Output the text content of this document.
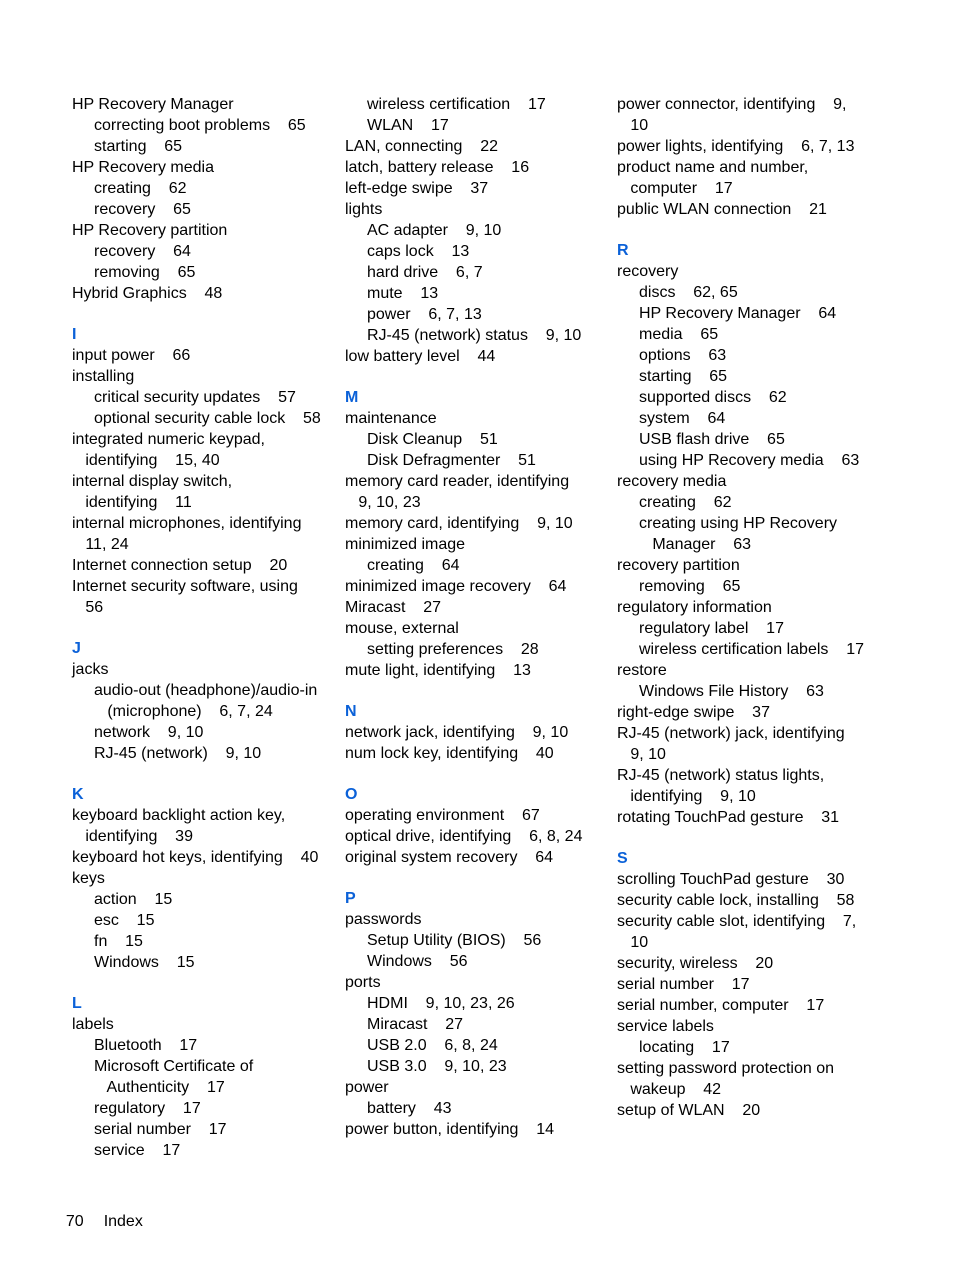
HP Recovery Manager
correcting boot problems    65
starting    65
HP Recovery media
creating    62
recovery    65
HP Recovery partition
recovery    64
removing    65
Hybrid Graphics    48
I
input power    66
installing
critical security updates    57
optional security cable lock    58
integrated numeric keypad,
identifying    15, 40
internal display switch,
identifying    11
internal microphones, identifying
11, 24
Internet connection setup    20
Internet security software, using
56
J
jacks
audio-out (headphone)/audio-in
(microphone)    6, 7, 24
network    9, 10
RJ-45 (network)    9, 10
K
keyboard backlight action key,
identifying    39
keyboard hot keys, identifying    40
keys
action    15
esc    15
fn    15
Windows    15
L
labels
Bluetooth    17
Microsoft Certificate of
Authenticity    17
regulatory    17
serial number    17
service    17
wireless certification    17
WLAN    17
LAN, connecting    22
latch, battery release    16
left-edge swipe    37
lights
AC adapter    9, 10
caps lock    13
hard drive    6, 7
mute    13
power    6, 7, 13
RJ-45 (network) status    9, 10
low battery level    44
M
maintenance
Disk Cleanup    51
Disk Defragmenter    51
memory card reader, identifying
9, 10, 23
memory card, identifying    9, 10
minimized image
creating    64
minimized image recovery    64
Miracast    27
mouse, external
setting preferences    28
mute light, identifying    13
N
network jack, identifying    9, 10
num lock key, identifying    40
O
operating environment    67
optical drive, identifying    6, 8, 24
original system recovery    64
P
passwords
Setup Utility (BIOS)    56
Windows    56
ports
HDMI    9, 10, 23, 26
Miracast    27
USB 2.0    6, 8, 24
USB 3.0    9, 10, 23
power
battery    43
power button, identifying    14
power connector, identifying    9,
10
power lights, identifying    6, 7, 13
product name and number,
computer    17
public WLAN connection    21
R
recovery
discs    62, 65
HP Recovery Manager    64
media    65
options    63
starting    65
supported discs    62
system    64
USB flash drive    65
using HP Recovery media    63
recovery media
creating    62
creating using HP Recovery
Manager    63
recovery partition
removing    65
regulatory information
regulatory label    17
wireless certification labels    17
restore
Windows File History    63
right-edge swipe    37
RJ-45 (network) jack, identifying
9, 10
RJ-45 (network) status lights,
identifying    9, 10
rotating TouchPad gesture    31
S
scrolling TouchPad gesture    30
security cable lock, installing    58
security cable slot, identifying    7,
10
security, wireless    20
serial number    17
serial number, computer    17
service labels
locating    17
setting password protection on
wakeup    42
setup of WLAN    20

70 Index
